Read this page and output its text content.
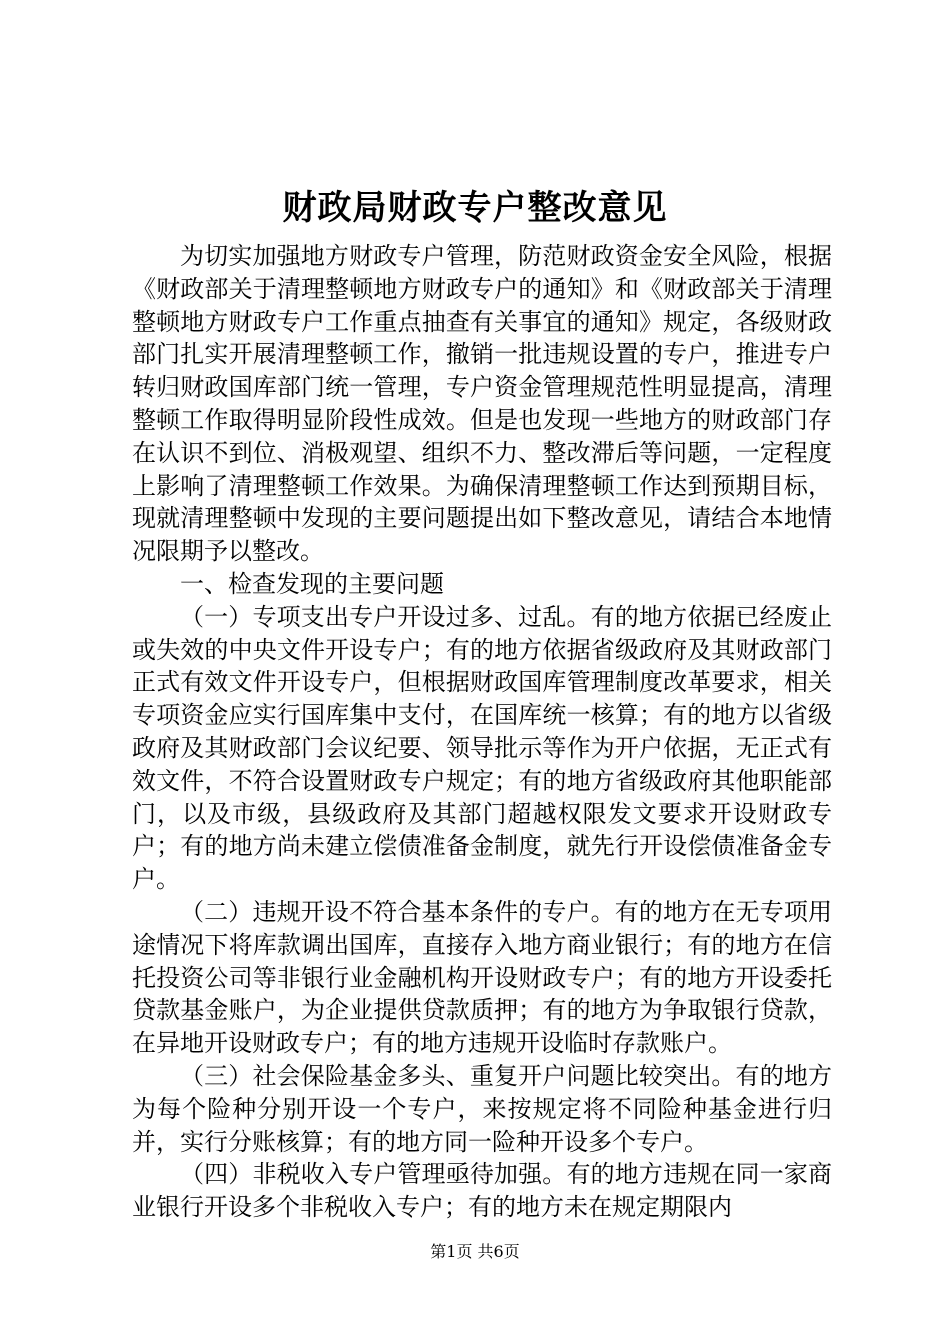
财政局财政专户整改意见

为切实加强地方财政专户管理，防范财政资金安全风险，根据《财政部关于清理整顿地方财政专户的通知》和《财政部关于清理整顿地方财政专户工作重点抽查有关事宜的通知》规定，各级财政部门扎实开展清理整顿工作，撤销一批违规设置的专户，推进专户转归财政国库部门统一管理，专户资金管理规范性明显提高，清理整顿工作取得明显阶段性成效。但是也发现一些地方的财政部门存在认识不到位、消极观望、组织不力、整改滞后等问题，一定程度上影响了清理整顿工作效果。为确保清理整顿工作达到预期目标，现就清理整顿中发现的主要问题提出如下整改意见，请结合本地情况限期予以整改。

一、检查发现的主要问题

（一）专项支出专户开设过多、过乱。有的地方依据已经废止或失效的中央文件开设专户；有的地方依据省级政府及其财政部门正式有效文件开设专户，但根据财政国库管理制度改革要求，相关专项资金应实行国库集中支付，在国库统一核算；有的地方以省级政府及其财政部门会议纪要、领导批示等作为开户依据，无正式有效文件，不符合设置财政专户规定；有的地方省级政府其他职能部门，以及市级，县级政府及其部门超越权限发文要求开设财政专户；有的地方尚未建立偿债准备金制度，就先行开设偿债准备金专户。

（二）违规开设不符合基本条件的专户。有的地方在无专项用途情况下将库款调出国库，直接存入地方商业银行；有的地方在信托投资公司等非银行业金融机构开设财政专户；有的地方开设委托贷款基金账户，为企业提供贷款质押；有的地方为争取银行贷款，在异地开设财政专户；有的地方违规开设临时存款账户。

（三）社会保险基金多头、重复开户问题比较突出。有的地方为每个险种分别开设一个专户，来按规定将不同险种基金进行归并，实行分账核算；有的地方同一险种开设多个专户。

（四）非税收入专户管理亟待加强。有的地方违规在同一家商业银行开设多个非税收入专户；有的地方未在规定期限内

第1页 共6页
